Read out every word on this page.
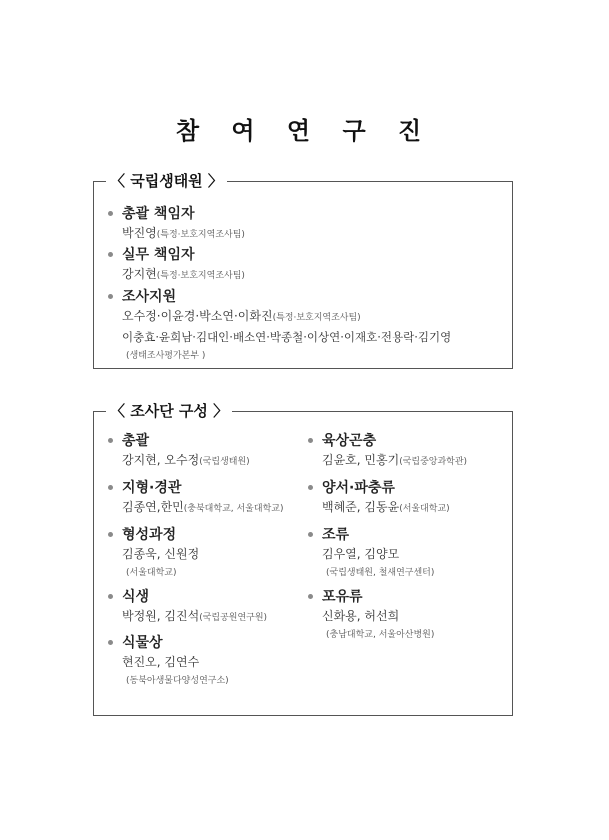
참 여 연 구 진
〈 국립생태원 〉
총괄 책임자
박진영(특정·보호지역조사팀)
실무 책임자
강지현(특정·보호지역조사팀)
조사지원
오수정·이윤경·박소연·이화진(특정·보호지역조사팀)
이충효·윤희남·김대인·배소연·박종철·이상연·이재호·전용락·김기영
(생태조사평가본부 )
〈 조사단 구성 〉
총괄
강지현, 오수정(국립생태원)
지형·경관
김종연,한민(충북대학교, 서울대학교)
형성과정
김종욱, 신원정
(서울대학교)
식생
박정원, 김진석(국립공원연구원)
식물상
현진오, 김연수
(동북아생물다양성연구소)
육상곤충
김윤호, 민홍기(국립중앙과학관)
양서·파충류
백혜준, 김동윤(서울대학교)
조류
김우열, 김양모
(국립생태원, 철새연구센터)
포유류
신화용, 허선희
(충남대학교, 서울아산병원)
